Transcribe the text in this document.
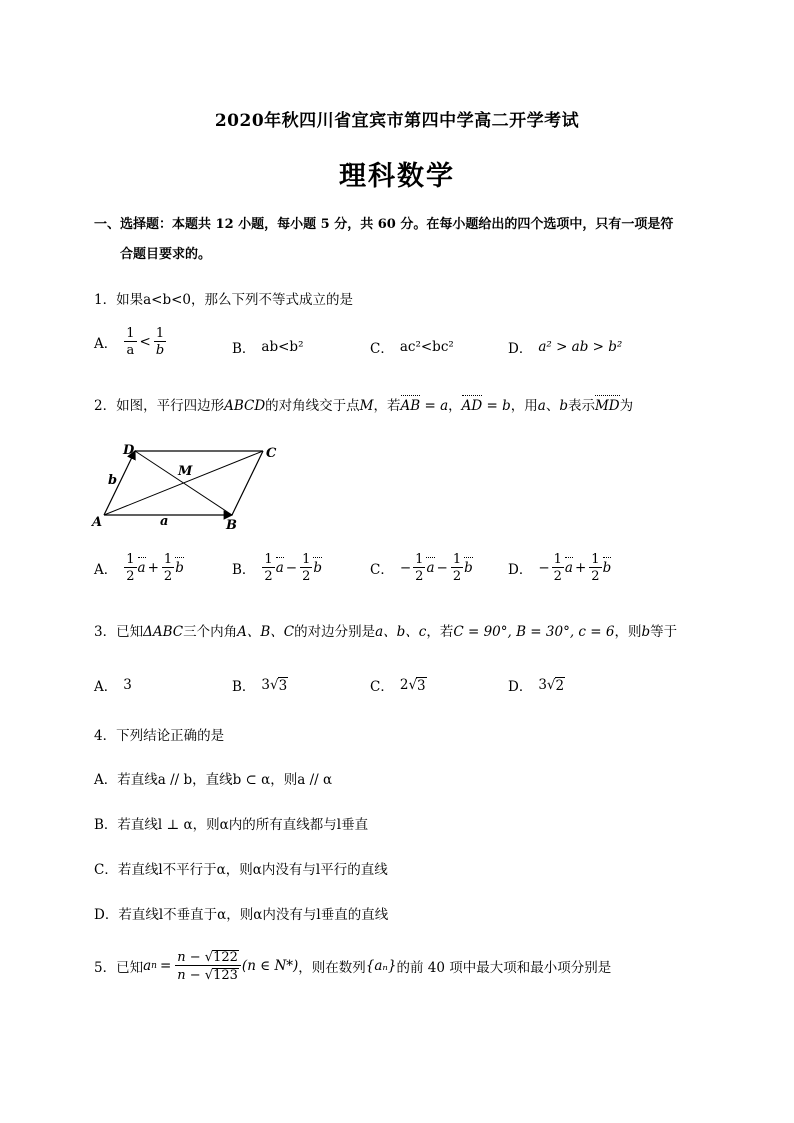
2020年秋四川省宜宾市第四中学高二开学考试
理科数学
一、选择题：本题共 12 小题，每小题 5 分，共 60 分。在每小题给出的四个选项中，只有一项是符
合题目要求的。
1．如果a<b<0，那么下列不等式成立的是
A． $\frac{1}{a} < \frac{1}{b}$	B． ab<b²	C． ac²<bc²	D． a² > ab > b²
2．如图，平行四边形ABCD的对角线交于点M，若AB = a，AD = b，用a、b表示MD为
D	C
M
A	B
a
b
A． $\frac{1}{2}$ $a + \frac{1}{2}$ b	B． $\frac{1}{2}$ $a - \frac{1}{2}$ b	C． − $\frac{1}{2}$ $a - \frac{1}{2}$ b	D． − $\frac{1}{2}$ $a + \frac{1}{2}$ b
3．已知ΔABC三个内角A、B、C的对边分别是a、b、c，若C = 90°, B = 30°, c = 6，则b等于
A． 3	B． 3 √ 3	C． 2 √ 3	D． 3 √ 2
4．下列结论正确的是
A．若直线a // b，直线b ⊂ α，则a // α
B．若直线l ⊥ α，则α内的所有直线都与l垂直
C．若直线l不平行于α，则α内没有与l平行的直线
D．若直线l不垂直于α，则α内没有与l垂直的直线
5．已知 a $n = \frac{n - √122}{n - √123} (n$ ∈ N*) ，则在数列 {aₙ} 的前 40 项中最大项和最小项分别是
